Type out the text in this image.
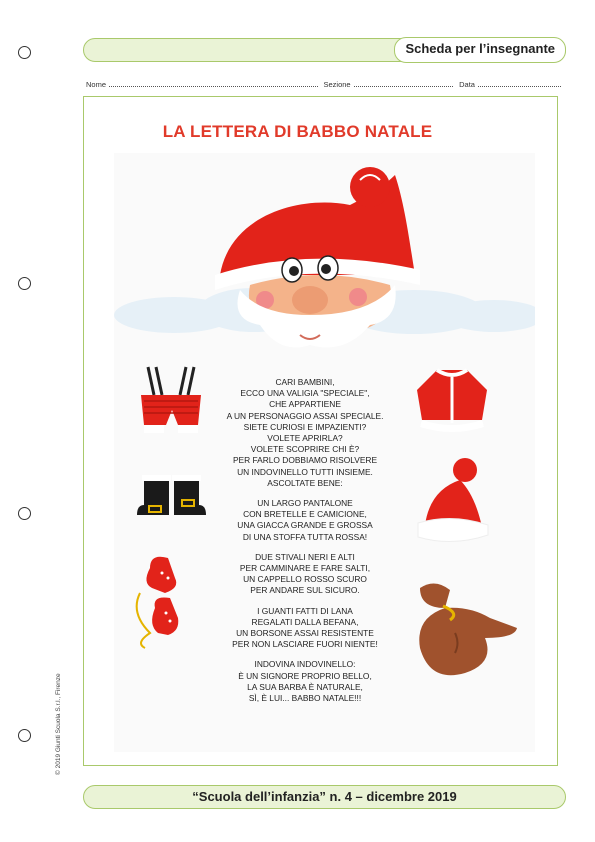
Scheda per l’insegnante
Nome	Sezione	Data
LA LETTERA DI BABBO NATALE
CARI BAMBINI,
ECCO UNA VALIGIA "SPECIALE",
CHE APPARTIENE
A UN PERSONAGGIO ASSAI SPECIALE.
SIETE CURIOSI E IMPAZIENTI?
VOLETE APRIRLA?
VOLETE SCOPRIRE CHI È?
PER FARLO DOBBIAMO RISOLVERE
UN INDOVINELLO TUTTI INSIEME.
ASCOLTATE BENE:
UN LARGO PANTALONE
CON BRETELLE E CAMICIONE,
UNA GIACCA GRANDE E GROSSA
DI UNA STOFFA TUTTA ROSSA!
DUE STIVALI NERI E ALTI
PER CAMMINARE E FARE SALTI,
UN CAPPELLO ROSSO SCURO
PER ANDARE SUL SICURO.
I GUANTI FATTI DI LANA
REGALATI DALLA BEFANA,
UN BORSONE ASSAI RESISTENTE
PER NON LASCIARE FUORI NIENTE!
INDOVINA INDOVINELLO:
È UN SIGNORE PROPRIO BELLO,
LA SUA BARBA È NATURALE,
SÌ, È LUI... BABBO NATALE!!!
© 2019 Giunti Scuola S.r.l., Firenze
“Scuola dell’infanzia” n. 4 – dicembre 2019
